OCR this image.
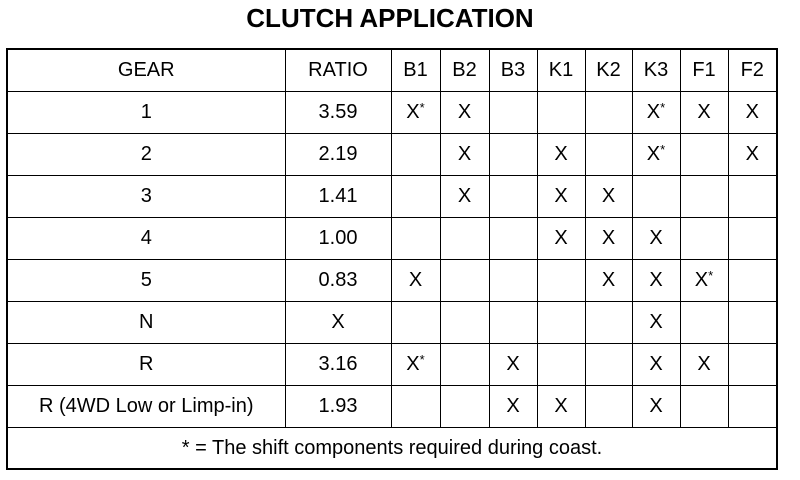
CLUTCH APPLICATION
GEAR	RATIO	B1	B2	B3	K1	K2	K3	F1	F2
1	3.59	X*	X				X*	X	X
2	2.19		X		X		X*		X
3	1.41		X		X	X			
4	1.00				X	X	X		
5	0.83	X				X	X	X*	
N	X						X		
R	3.16	X*		X			X	X	
R (4WD Low or Limp-in)	1.93			X	X		X		
* = The shift components required during coast.									
